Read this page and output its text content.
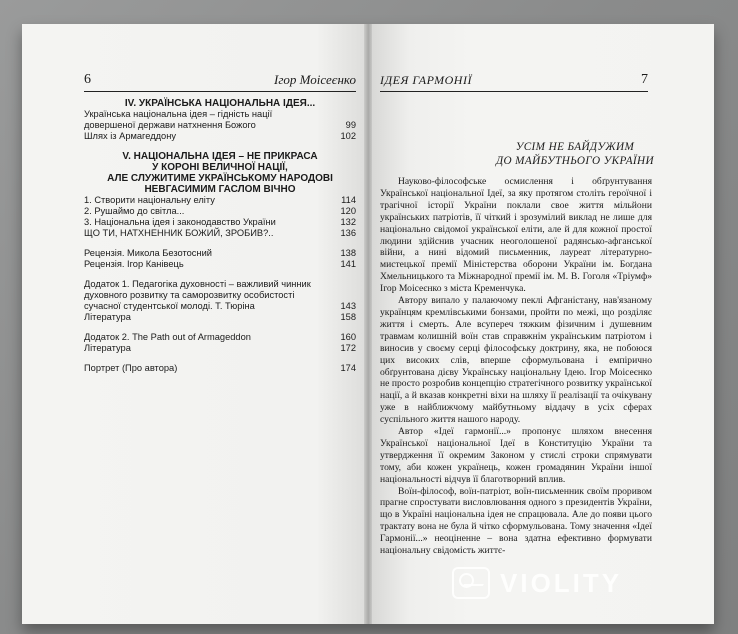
6	Ігор Моісеєнко
IV. УКРАЇНСЬКА НАЦІОНАЛЬНА ІДЕЯ...
Українська національна ідея – гідність нації
довершеної держави натхнення Божого	99
Шлях із Армагеддону	102
V. НАЦІОНАЛЬНА ІДЕЯ – НЕ ПРИКРАСА
У КОРОНІ ВЕЛИЧНОЇ НАЦІЇ,
АЛЕ СЛУЖИТИМЕ УКРАЇНСЬКОМУ НАРОДОВІ
НЕВГАСИМИМ ГАСЛОМ ВІЧНО
1. Створити національну еліту	114
2. Рушаймо до світла...	120
3. Національна ідея і законодавство України	132
ЩО ТИ, НАТХНЕННИК БОЖИЙ, ЗРОБИВ?..	136
Рецензія. Микола Безотосний	138
Рецензія. Ігор Канівець	141
Додаток 1. Педагогіка духовності – важливий чинник
духовного розвитку та саморозвитку особистості
сучасної студентської молоді. Т. Тюріна	143
Література	158
Додаток 2. The Path out of Armageddon	160
Література	172
Портрет (Про автора)	174
ІДЕЯ ГАРМОНІЇ	7
УСІМ НЕ БАЙДУЖИМ
ДО МАЙБУТНЬОГО УКРАЇНИ

Науково-філософське осмислення і обґрунтування Української національної Ідеї, за яку протягом століть героїчної і трагічної історії України поклали свое життя мільйони українських патріотів, її чіткий і зрозумілий виклад не лише для національно свідомої української еліти, але й для кожної простої людини здійснив учасник неоголошеної радянсько-афганської війни, а нині відомий письменник, лауреат літературно-мистецької премії Міністерства оборони України ім. Богдана Хмельницького та Міжнародної премії ім. М. В. Гоголя «Тріумф» Ігор Моісеєнко з міста Кременчука.

Автору випало у палаючому пеклі Афганістану, нав'язаному українцям кремлівськими бонзами, пройти по межі, що розділяє життя і смерть. Але всупереч тяжким фізичним і душевним травмам колишній воїн став справжнім українським патріотом і виносив у своєму серці філософську доктрину, яка, не побоюся цих високих слів, вперше сформульована і емпірично обґрунтована дієву Українську національну Ідею. Ігор Моісеєнко не просто розробив концепцію стратегічного розвитку української нації, а й вказав конкретні віхи на шляху її реалізації та очікувану уже в найближчому майбутньому віддачу в усіх сферах суспільного життя нашого народу.

Автор «Ідеї гармонії...» пропонує шляхом внесення Української національної Ідеї в Конституцію України та утвердження її окремим Законом у стислі строки спрямувати тому, аби кожен українець, кожен громадянин України іншої національності відчув її благотворний вплив.

Воїн-філософ, воїн-патріот, воїн-письменник своїм проривом прагне спростувати висловлювання одного з президентів України, що в Україні національна ідея не спрацювала. Але до появи цього трактату вона не була й чітко сформульована. Тому значення «Ідеї Гармонії...» неоціненне – вона здатна ефективно формувати національну свідомість життє-

VIOLITY
